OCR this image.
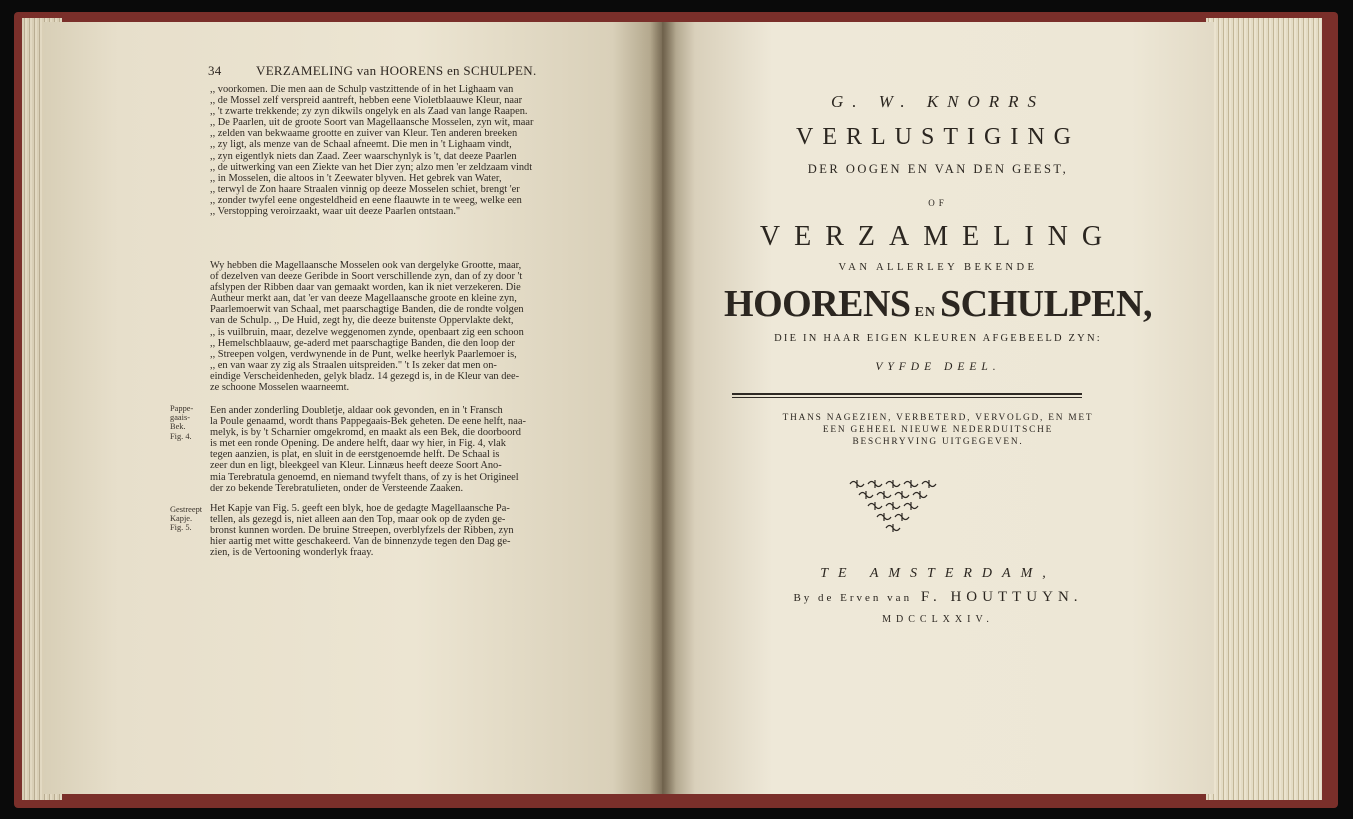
34	VERZAMELING van HOORENS en SCHULPEN.
,, voorkomen. Die men aan de Schulp vastzittende of in het Lighaam van
,, de Mossel zelf verspreid aantreft, hebben eene Violetblaauwe Kleur, naar
,, 't zwarte trekkende; zy zyn dikwils ongelyk en als Zaad van lange Raapen.
,, De Paarlen, uit de groote Soort van Magellaansche Mosselen, zyn wit, maar
,, zelden van bekwaame grootte en zuiver van Kleur. Ten anderen breeken
,, zy ligt, als menze van de Schaal afneemt. Die men in 't Lighaam vindt,
,, zyn eigentlyk niets dan Zaad. Zeer waarschynlyk is 't, dat deeze Paarlen
,, de uitwerking van een Ziekte van het Dier zyn; alzo men 'er zeldzaam vindt
,, in Mosselen, die altoos in 't Zeewater blyven. Het gebrek van Water,
,, terwyl de Zon haare Straalen vinnig op deeze Mosselen schiet, brengt 'er
,, zonder twyfel eene ongesteldheid en eene flaauwte in te weeg, welke een
,, Verstopping veroirzaakt, waar uit deeze Paarlen ontstaan."
Wy hebben die Magellaansche Mosselen ook van dergelyke Grootte, maar,
of dezelven van deeze Geribde in Soort verschillende zyn, dan of zy door 't
afslypen der Ribben daar van gemaakt worden, kan ik niet verzekeren. Die
Autheur merkt aan, dat 'er van deeze Magellaansche groote en kleine zyn,
Paarlemoerwit van Schaal, met paarschagtige Banden, die de rondte volgen
van de Schulp. ,, De Huid, zegt hy, die deeze buitenste Oppervlakte dekt,
,, is vuilbruin, maar, dezelve weggenomen zynde, openbaart zig een schoon
,, Hemelschblaauw, ge-aderd met paarschagtige Banden, die den loop der
,, Streepen volgen, verdwynende in de Punt, welke heerlyk Paarlemoer is,
,, en van waar zy zig als Straalen uitspreiden." 't Is zeker dat men on-
eindige Verscheidenheden, gelyk bladz. 14 gezegd is, in de Kleur van dee-
ze schoone Mosselen waarneemt.
Een ander zonderling Doubletje, aldaar ook gevonden, en in 't Fransch
la Poule genaamd, wordt thans Pappegaais-Bek geheten. De eene helft, naa-
melyk, is by 't Scharnier omgekromd, en maakt als een Bek, die doorboord
is met een ronde Opening. De andere helft, daar wy hier, in Fig. 4, vlak
tegen aanzien, is plat, en sluit in de eerstgenoemde helft. De Schaal is
zeer dun en ligt, bleekgeel van Kleur. Linnæus heeft deeze Soort Ano-
mia Terebratula genoemd, en niemand twyfelt thans, of zy is het Origineel
der zo bekende Terebratulieten, onder de Versteende Zaaken.
Het Kapje van Fig. 5. geeft een blyk, hoe de gedagte Magellaansche Pa-
tellen, als gezegd is, niet alleen aan den Top, maar ook op de zyden ge-
bronst kunnen worden. De bruine Streepen, overblyfzels der Ribben, zyn
hier aartig met witte geschakeerd. Van de binnenzyde tegen den Dag ge-
zien, is de Vertooning wonderlyk fraay.
Pappe-
gaais-
Bek.
Fig. 4.
Gestreept
Kapje.
Fig. 5.
G. W. KNORRS
VERLUSTIGING
DER OOGEN EN VAN DEN GEEST,
OF
VERZAMELING
VAN ALLERLEY BEKENDE
HOORENS EN SCHULPEN,
DIE IN HAAR EIGEN KLEUREN AFGEBEELD ZYN:
VYFDE DEEL.
THANS NAGEZIEN, VERBETERD, VERVOLGD, EN MET
EEN GEHEEL NIEUWE NEDERDUITSCHE
BESCHRYVING UITGEGEVEN.
TE AMSTERDAM,
By de Erven van F. HOUTTUYN.
MDCCLXXIV.
